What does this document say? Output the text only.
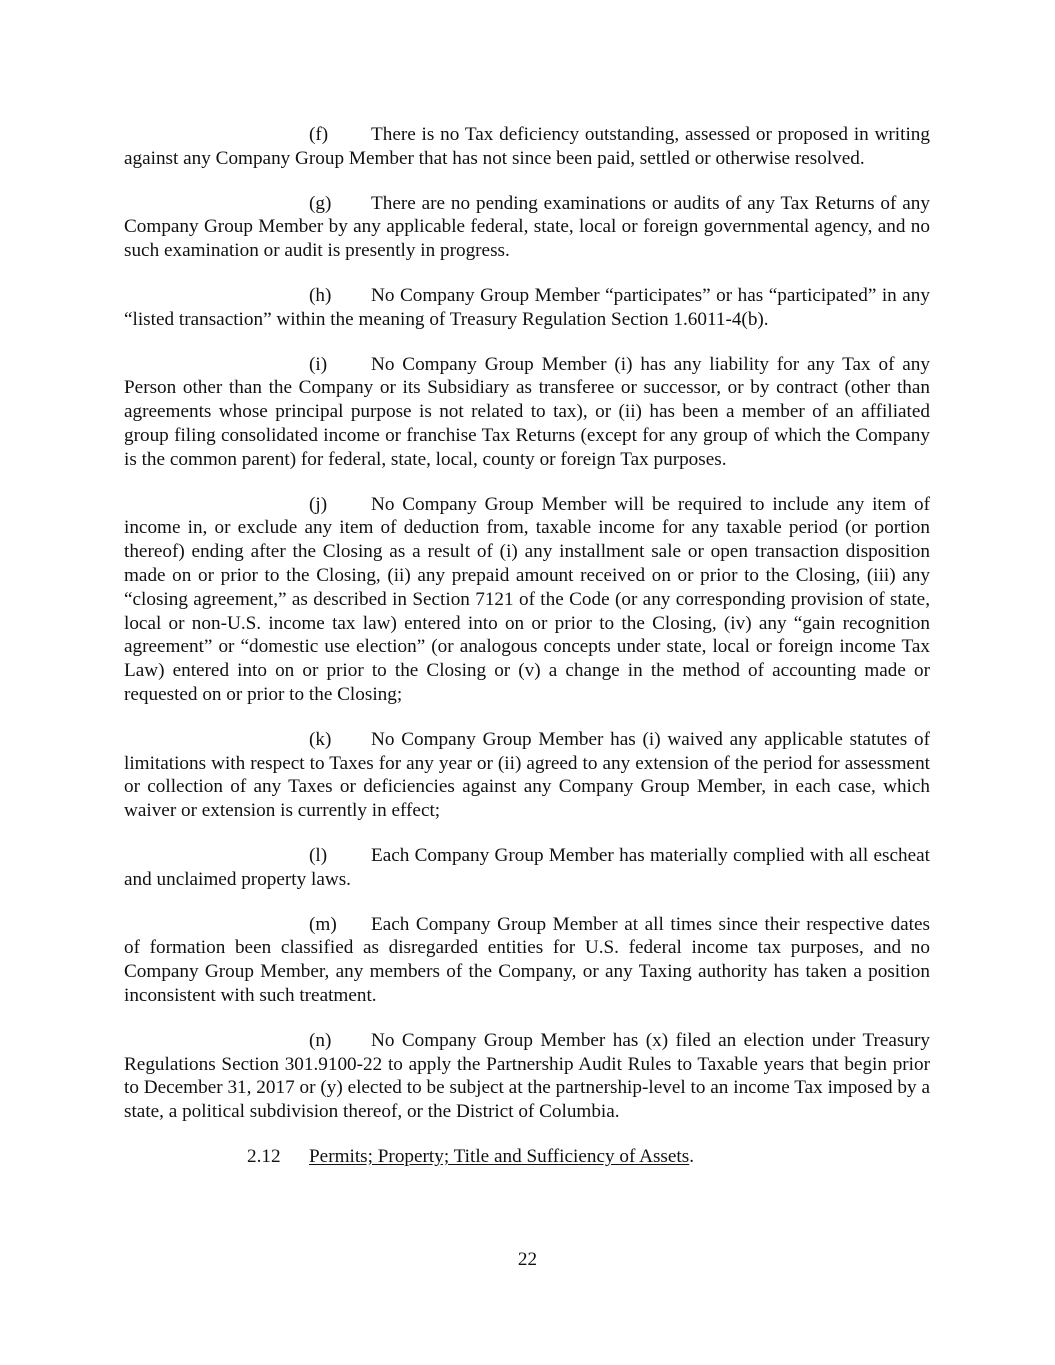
(f) There is no Tax deficiency outstanding, assessed or proposed in writing against any Company Group Member that has not since been paid, settled or otherwise resolved.

(g) There are no pending examinations or audits of any Tax Returns of any Company Group Member by any applicable federal, state, local or foreign governmental agency, and no such examination or audit is presently in progress.

(h) No Company Group Member “participates” or has “participated” in any “listed transaction” within the meaning of Treasury Regulation Section 1.6011-4(b).

(i) No Company Group Member (i) has any liability for any Tax of any Person other than the Company or its Subsidiary as transferee or successor, or by contract (other than agreements whose principal purpose is not related to tax), or (ii) has been a member of an affiliated group filing consolidated income or franchise Tax Returns (except for any group of which the Company is the common parent) for federal, state, local, county or foreign Tax purposes.

(j) No Company Group Member will be required to include any item of income in, or exclude any item of deduction from, taxable income for any taxable period (or portion thereof) ending after the Closing as a result of (i) any installment sale or open transaction disposition made on or prior to the Closing, (ii) any prepaid amount received on or prior to the Closing, (iii) any “closing agreement,” as described in Section 7121 of the Code (or any corresponding provision of state, local or non-U.S. income tax law) entered into on or prior to the Closing, (iv) any “gain recognition agreement” or “domestic use election” (or analogous concepts under state, local or foreign income Tax Law) entered into on or prior to the Closing or (v) a change in the method of accounting made or requested on or prior to the Closing;

(k) No Company Group Member has (i) waived any applicable statutes of limitations with respect to Taxes for any year or (ii) agreed to any extension of the period for assessment or collection of any Taxes or deficiencies against any Company Group Member, in each case, which waiver or extension is currently in effect;

(l) Each Company Group Member has materially complied with all escheat and unclaimed property laws.

(m) Each Company Group Member at all times since their respective dates of formation been classified as disregarded entities for U.S. federal income tax purposes, and no Company Group Member, any members of the Company, or any Taxing authority has taken a position inconsistent with such treatment.

(n) No Company Group Member has (x) filed an election under Treasury Regulations Section 301.9100-22 to apply the Partnership Audit Rules to Taxable years that begin prior to December 31, 2017 or (y) elected to be subject at the partnership-level to an income Tax imposed by a state, a political subdivision thereof, or the District of Columbia.

2.12 Permits; Property; Title and Sufficiency of Assets.

22
